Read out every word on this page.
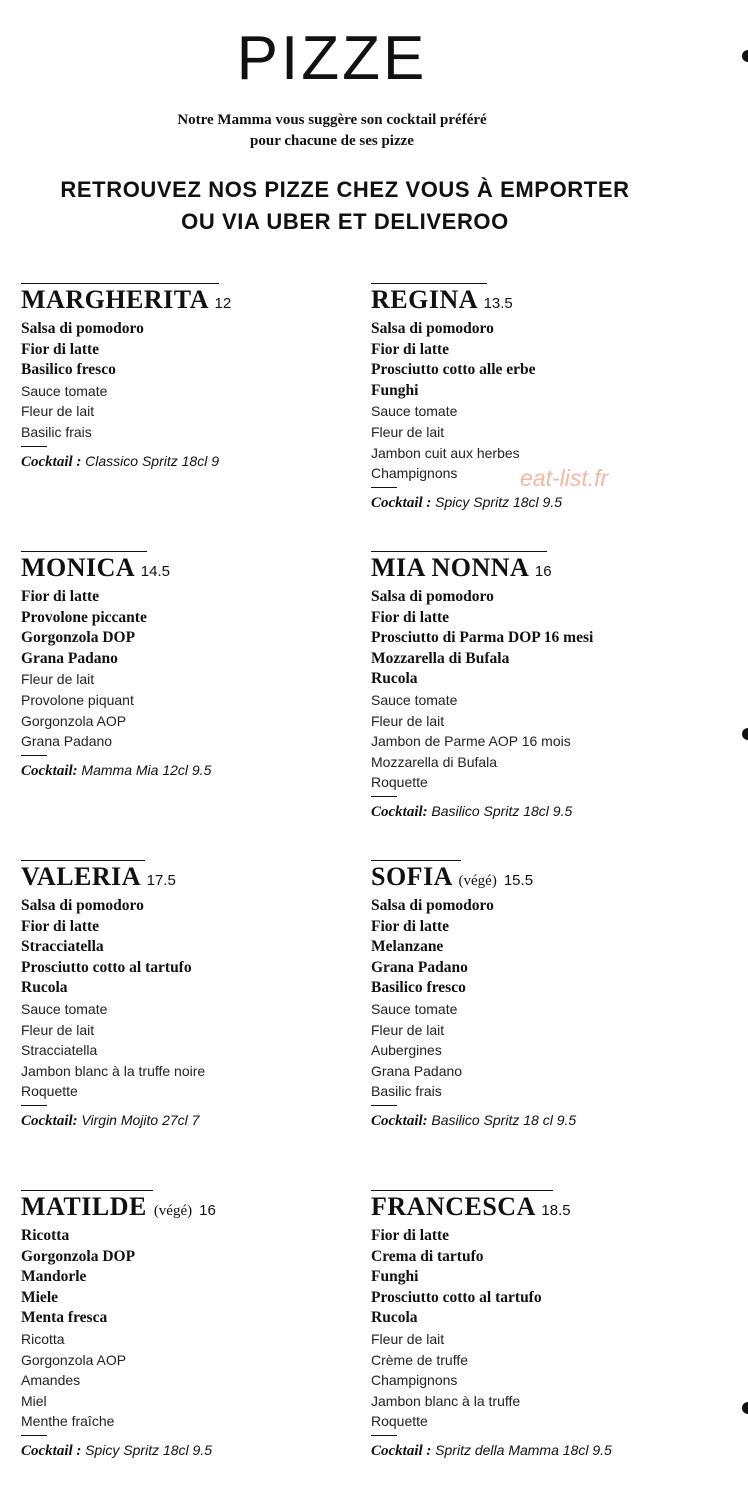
PIZZE
Notre Mamma vous suggère son cocktail préféré
pour chacune de ses pizze
RETROUVEZ NOS PIZZE CHEZ VOUS À EMPORTER
OU VIA UBER ET DELIVEROO
MARGHERITA 12
Salsa di pomodoro
Fior di latte
Basilico fresco
Sauce tomate
Fleur de lait
Basilic frais
Cocktail : Classico Spritz 18cl 9
REGINA 13.5
Salsa di pomodoro
Fior di latte
Prosciutto cotto alle erbe
Funghi
Sauce tomate
Fleur de lait
Jambon cuit aux herbes
Champignons
Cocktail : Spicy Spritz 18cl 9.5
MONICA 14.5
Fior di latte
Provolone piccante
Gorgonzola DOP
Grana Padano
Fleur de lait
Provolone piquant
Gorgonzola AOP
Grana Padano
Cocktail: Mamma Mia 12cl 9.5
MIA NONNA 16
Salsa di pomodoro
Fior di latte
Prosciutto di Parma DOP 16 mesi
Mozzarella di Bufala
Rucola
Sauce tomate
Fleur de lait
Jambon de Parme AOP 16 mois
Mozzarella di Bufala
Roquette
Cocktail: Basilico Spritz 18cl 9.5
VALERIA 17.5
Salsa di pomodoro
Fior di latte
Stracciatella
Prosciutto cotto al tartufo
Rucola
Sauce tomate
Fleur de lait
Stracciatella
Jambon blanc à la truffe noire
Roquette
Cocktail: Virgin Mojito 27cl 7
SOFIA (végé) 15.5
Salsa di pomodoro
Fior di latte
Melanzane
Grana Padano
Basilico fresco
Sauce tomate
Fleur de lait
Aubergines
Grana Padano
Basilic frais
Cocktail: Basilico Spritz 18 cl 9.5
MATILDE (végé) 16
Ricotta
Gorgonzola DOP
Mandorle
Miele
Menta fresca
Ricotta
Gorgonzola AOP
Amandes
Miel
Menthe fraîche
Cocktail : Spicy Spritz 18cl 9.5
FRANCESCA 18.5
Fior di latte
Crema di tartufo
Funghi
Prosciutto cotto al tartufo
Rucola
Fleur de lait
Crème de truffe
Champignons
Jambon blanc à la truffe
Roquette
Cocktail : Spritz della Mamma 18cl 9.5
eat-list.fr
